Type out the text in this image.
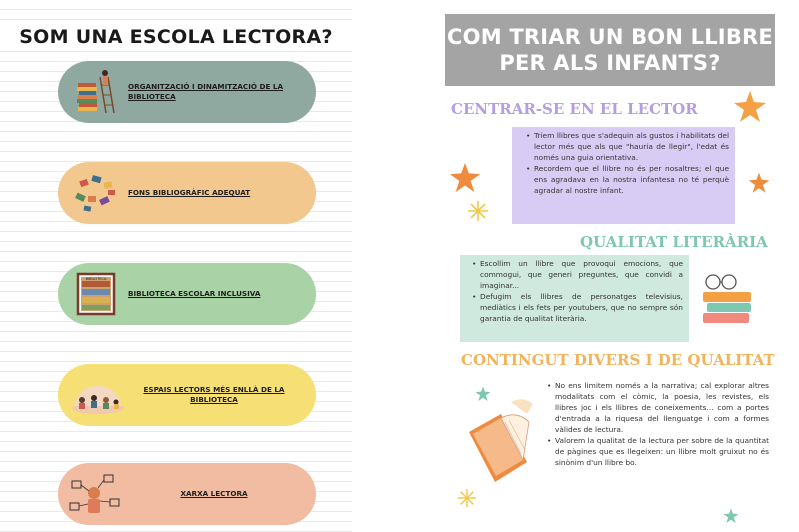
SOM UNA ESCOLA LECTORA?
ORGANITZACIÓ I DINAMITZACIÓ DE LA BIBLIOTECA
FONS BIBLIOGRÀFIC ADEQUAT
BIBLIOTECA
BIBLIOTECA ESCOLAR INCLUSIVA
ESPAIS LECTORS MÉS ENLLÀ DE LA BIBLIOTECA
XARXA LECTORA
COM TRIAR UN BON LLIBRE
PER ALS INFANTS?
CENTRAR-SE EN EL LECTOR
• Triem llibres que s'adequin als gustos i habilitats del lector més que als que "hauria de llegir", l'edat és només una guia orientativa.
• Recordem que el llibre no és per nosaltres; el que ens agradava en la nostra infantesa no té perquè agradar al nostre infant.
QUALITAT LITERÀRIA
• Escollim un llibre que provoqui emocions, que commogui, que generi preguntes, que convidi a imaginar...
• Defugim els llibres de personatges televisius, mediàtics i els fets per youtubers, que no sempre són garantia de qualitat literària.
CONTINGUT DIVERS I DE QUALITAT
• No ens limitem només a la narrativa; cal explorar altres modalitats com el còmic, la poesia, les revistes, els llibres joc i els llibres de coneixements... com a portes d'entrada a la riquesa del llenguatge i com a formes vàlides de lectura.
• Valorem la qualitat de la lectura per sobre de la quantitat de pàgines que es llegeixen: un llibre molt gruixut no és sinònim d'un llibre bo.
